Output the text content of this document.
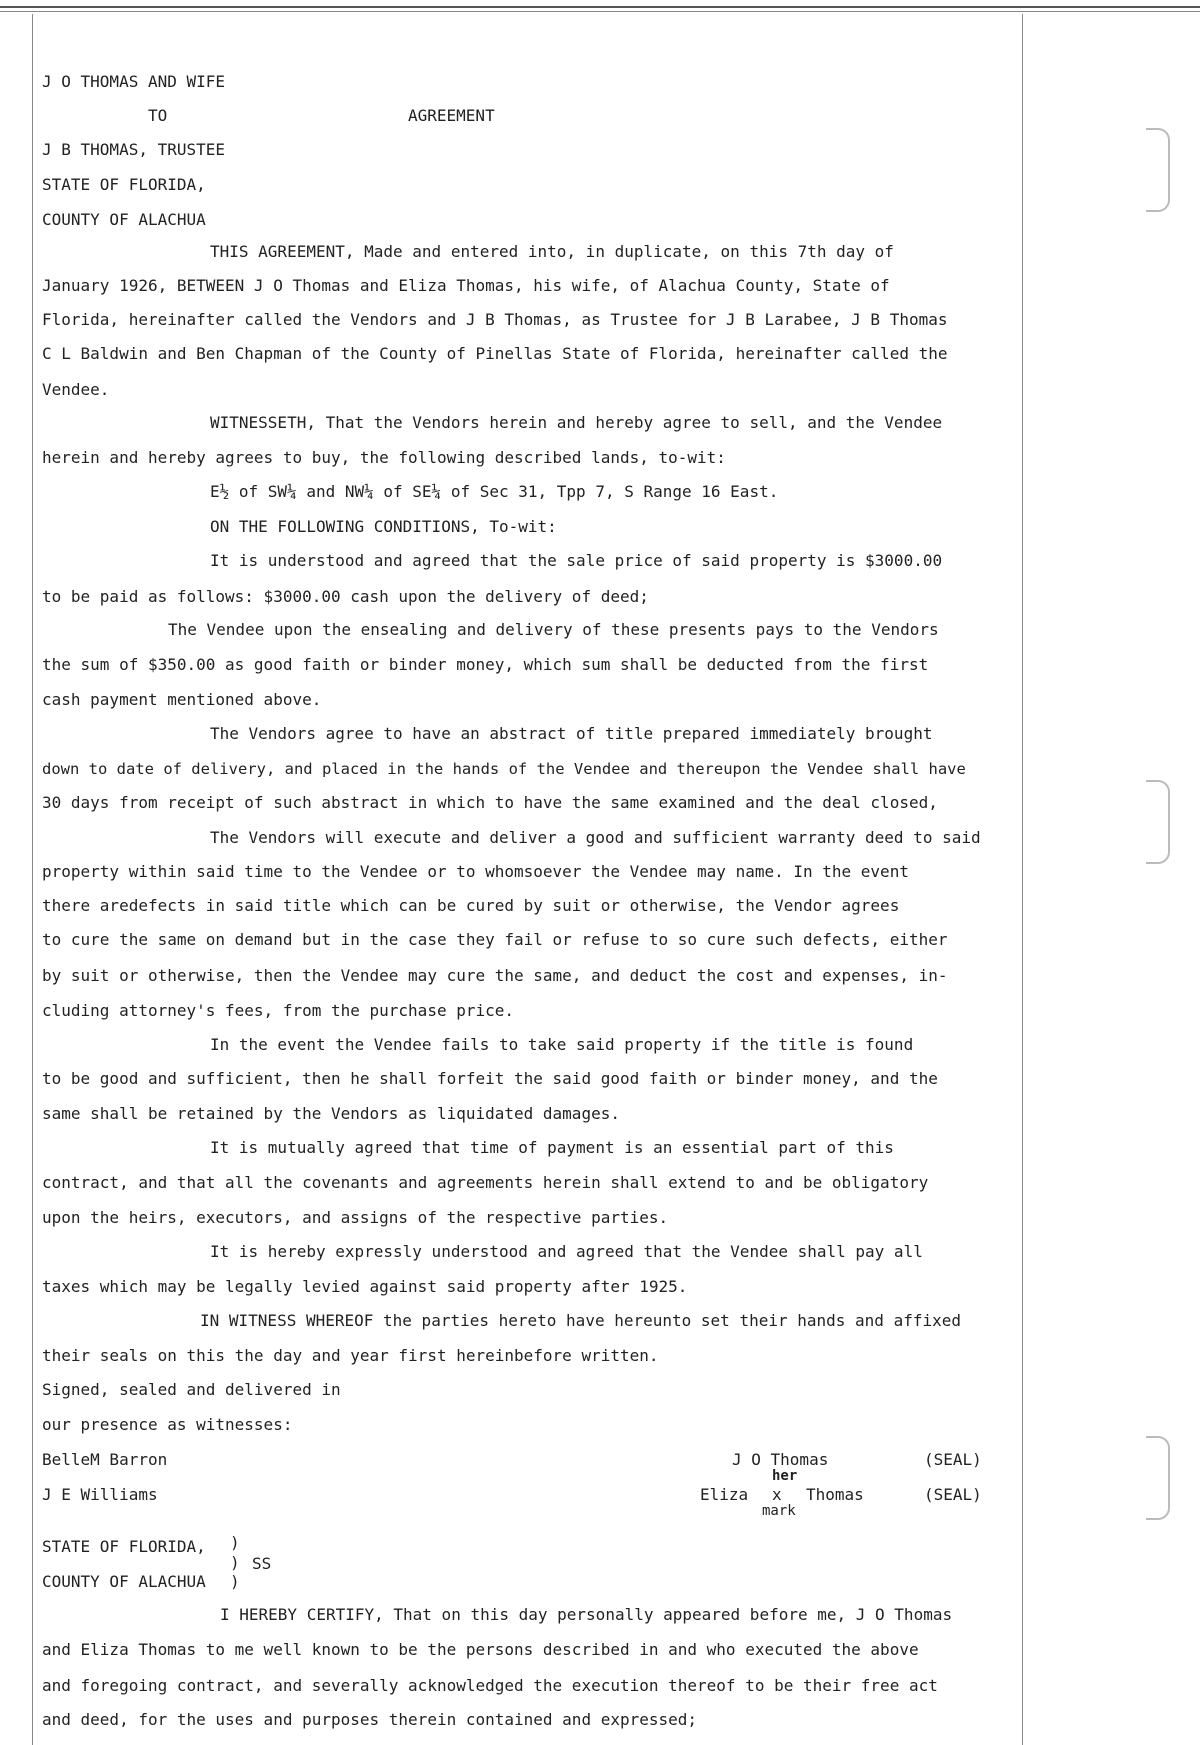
J O THOMAS AND WIFE
TO	AGREEMENT
J B THOMAS, TRUSTEE
STATE OF FLORIDA,
COUNTY OF ALACHUA
THIS AGREEMENT, Made and entered into, in duplicate, on this 7th day of
January 1926, BETWEEN J O Thomas and Eliza Thomas, his wife, of Alachua County, State of
Florida, hereinafter called the Vendors and J B Thomas, as Trustee for J B Larabee, J B Thomas
C L Baldwin and Ben Chapman of the County of Pinellas State of Florida, hereinafter called the
Vendee.
WITNESSETH, That the Vendors herein and hereby agree to sell, and the Vendee
herein and hereby agrees to buy, the following described lands, to-wit:
E½ of SW¼ and NW¼ of SE¼ of Sec 31, Tpp 7, S Range 16 East.
ON THE FOLLOWING CONDITIONS, To-wit:
It is understood and agreed that the sale price of said property is $3000.00
to be paid as follows: $3000.00 cash upon the delivery of deed;
The Vendee upon the ensealing and delivery of these presents pays to the Vendors
the sum of $350.00 as good faith or binder money, which sum shall be deducted from the first
cash payment mentioned above.
The Vendors agree to have an abstract of title prepared immediately brought
down to date of delivery, and placed in the hands of the Vendee and thereupon the Vendee shall have
30 days from receipt of such abstract in which to have the same examined and the deal closed,
The Vendors will execute and deliver a good and sufficient warranty deed to said
property within said time to the Vendee or to whomsoever the Vendee may name. In the event
there aredefects in said title which can be cured by suit or otherwise, the Vendor agrees
to cure the same on demand but in the case they fail or refuse to so cure such defects, either
by suit or otherwise, then the Vendee may cure the same, and deduct the cost and expenses, in-
cluding attorney's fees, from the purchase price.
In the event the Vendee fails to take said property if the title is found
to be good and sufficient, then he shall forfeit the said good faith or binder money, and the
same shall be retained by the Vendors as liquidated damages.
It is mutually agreed that time of payment is an essential part of this
contract, and that all the covenants and agreements herein shall extend to and be obligatory
upon the heirs, executors, and assigns of the respective parties.
It is hereby expressly understood and agreed that the Vendee shall pay all
taxes which may be legally levied against said property after 1925.
IN WITNESS WHEREOF the parties hereto have hereunto set their hands and affixed
their seals on this the day and year first hereinbefore written.
Signed, sealed and delivered in
our presence as witnesses:
BelleM Barron
J E Williams
J O Thomas	(SEAL)
her
Eliza x Thomas	(SEAL)
mark
STATE OF FLORIDA, )
) SS
COUNTY OF ALACHUA )
I HEREBY CERTIFY, That on this day personally appeared before me, J O Thomas
and Eliza Thomas to me well known to be the persons described in and who executed the above
and foregoing contract, and severally acknowledged the execution thereof to be their free act
and deed, for the uses and purposes therein contained and expressed;
